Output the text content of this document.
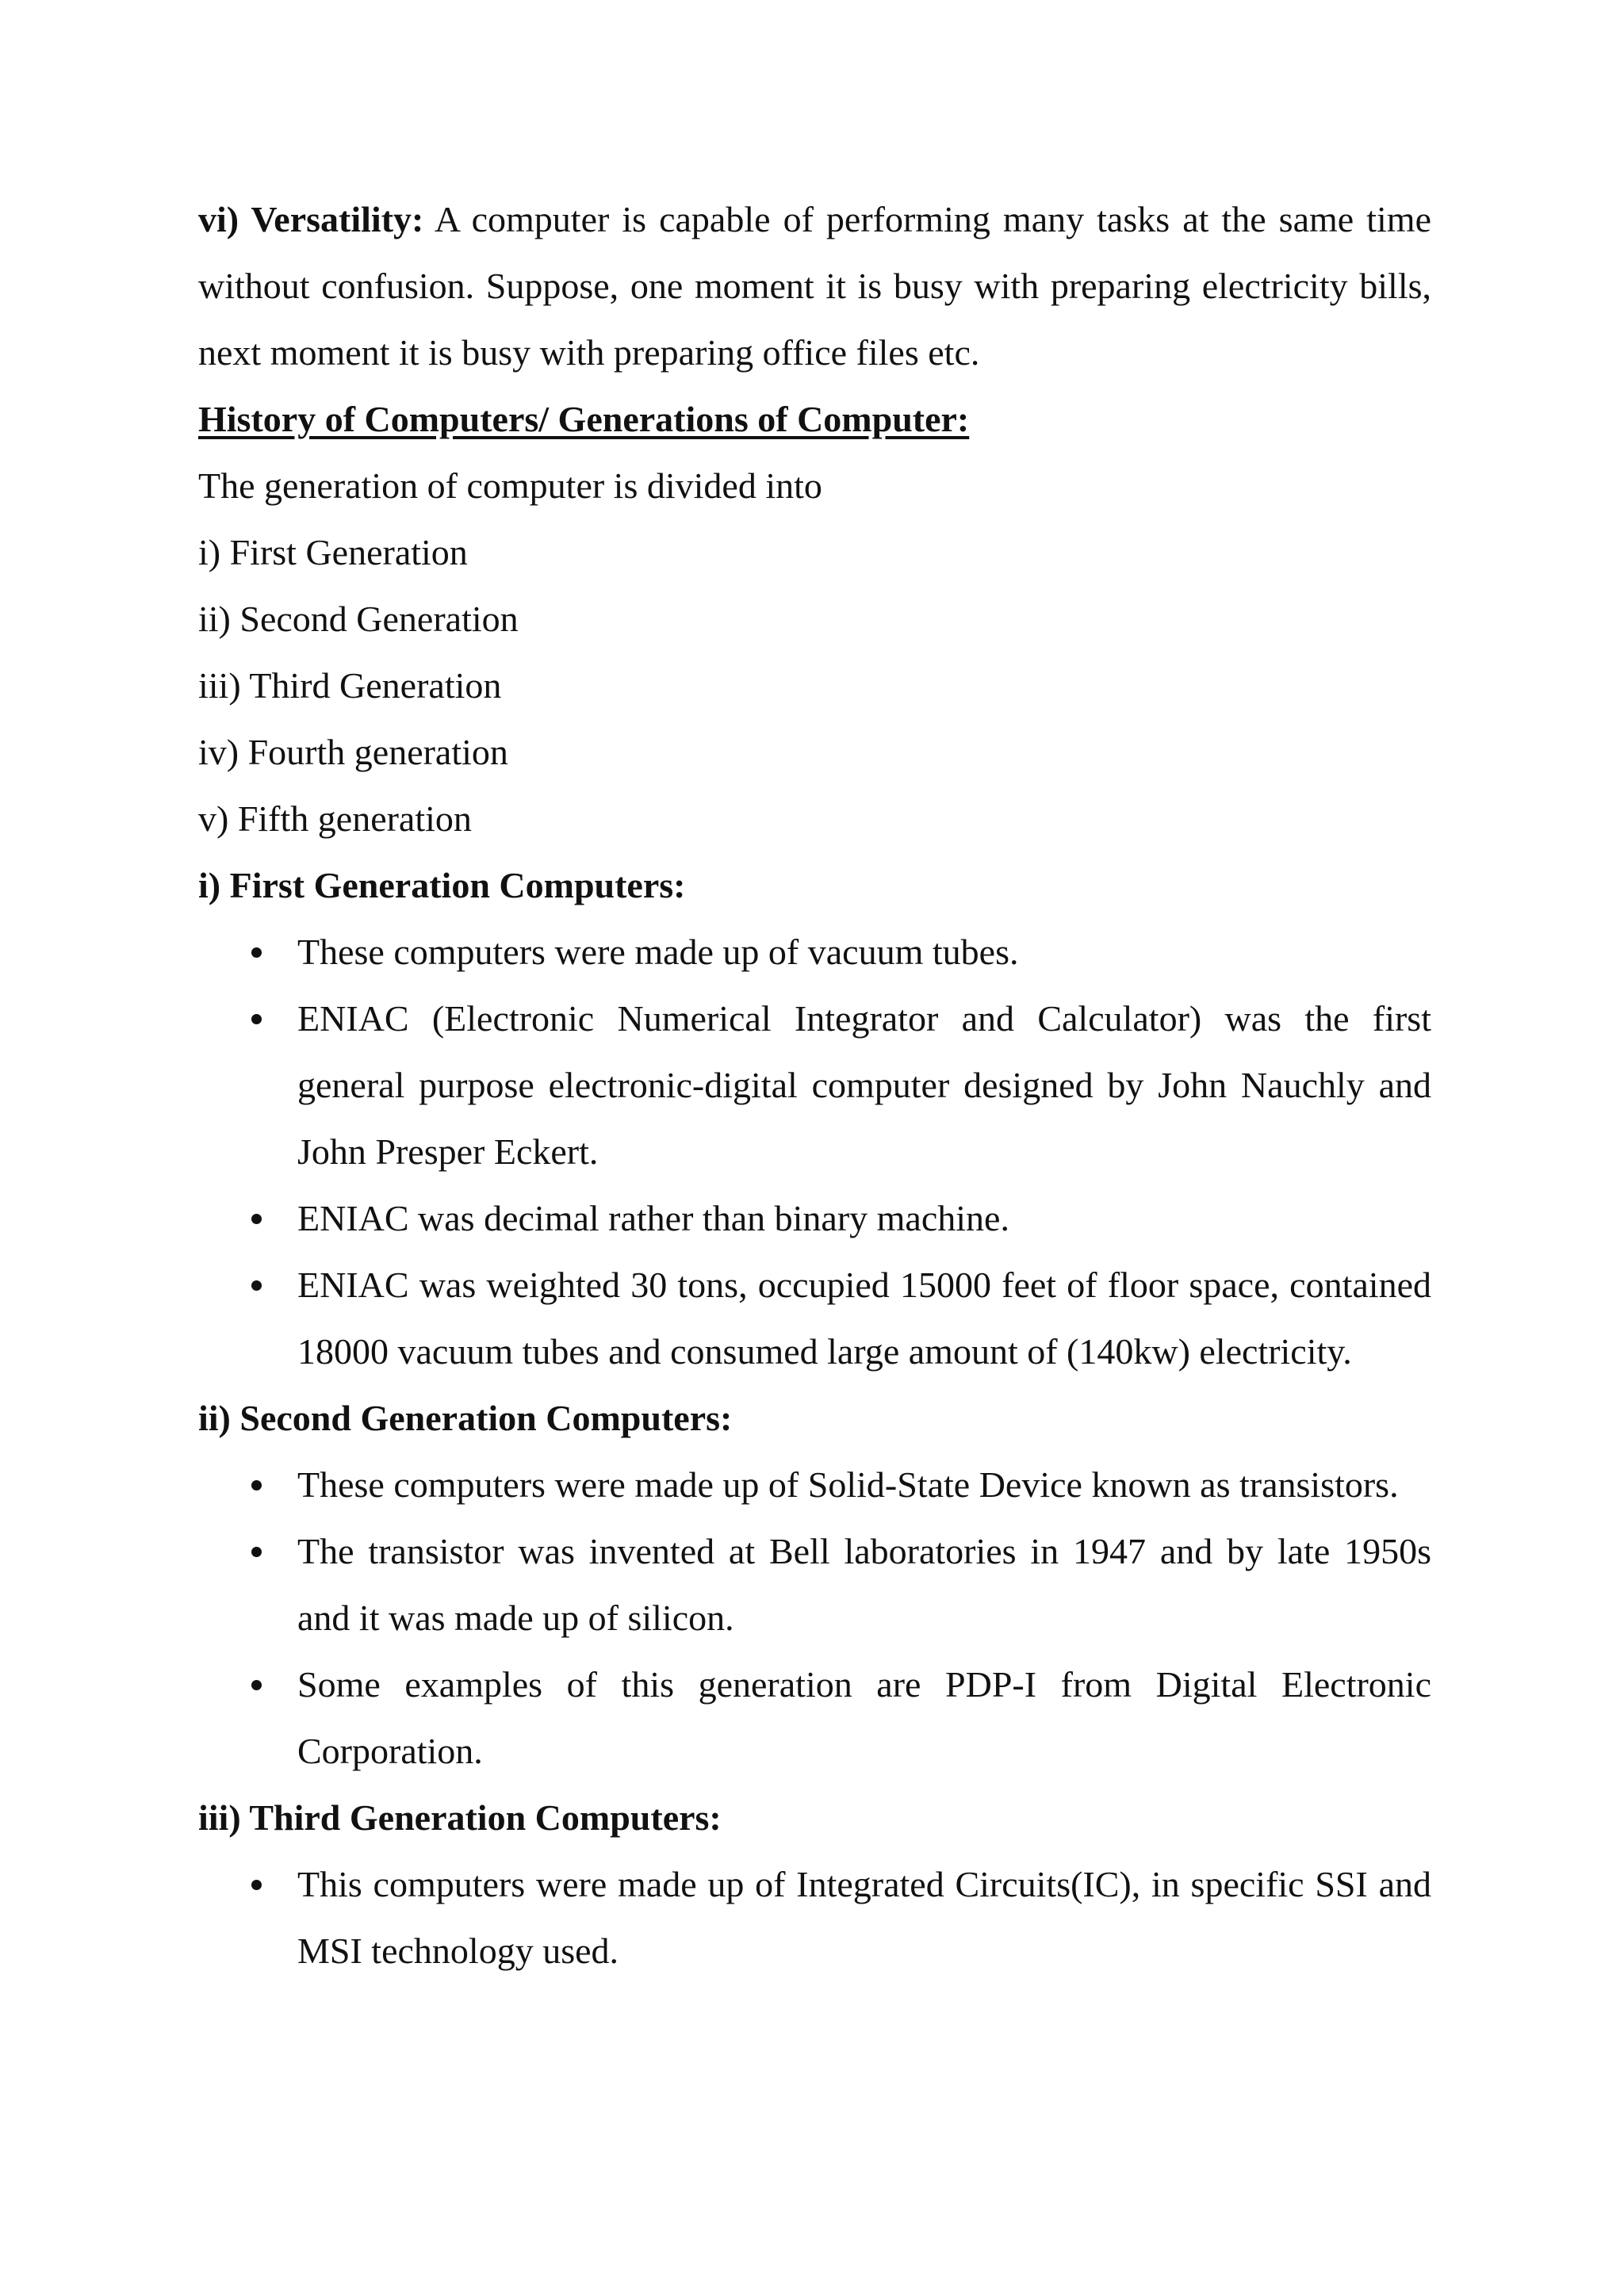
vi) Versatility: A computer is capable of performing many tasks at the same time without confusion. Suppose, one moment it is busy with preparing electricity bills, next moment it is busy with preparing office files etc.

History of Computers/ Generations of Computer:

The generation of computer is divided into

i) First Generation

ii) Second Generation

iii) Third Generation

iv) Fourth generation

v) Fifth generation

i) First Generation Computers:

These computers were made up of vacuum tubes.
ENIAC (Electronic Numerical Integrator and Calculator) was the first general purpose electronic-digital computer designed by John Nauchly and John Presper Eckert.
ENIAC was decimal rather than binary machine.
ENIAC was weighted 30 tons, occupied 15000 feet of floor space, contained 18000 vacuum tubes and consumed large amount of (140kw) electricity.

ii) Second Generation Computers:

These computers were made up of Solid-State Device known as transistors.
The transistor was invented at Bell laboratories in 1947 and by late 1950s and it was made up of silicon.
Some examples of this generation are PDP-I from Digital Electronic Corporation.

iii) Third Generation Computers:

This computers were made up of Integrated Circuits(IC), in specific SSI and MSI technology used.
